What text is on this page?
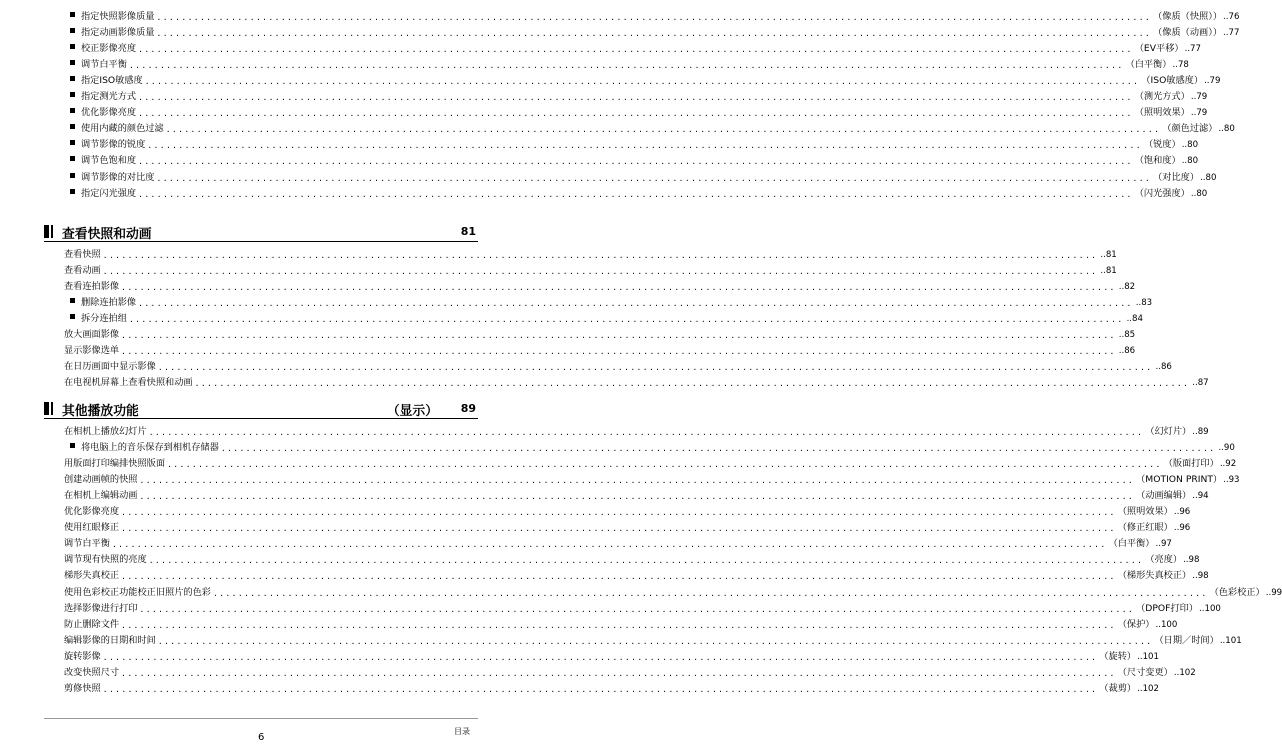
指定快照影像质量 ................................................................................................................................................................ （像质（快照）） ..76
指定动画影像质量 ................................................................................................................................................................ （像质（动画）） ..77
校正影像亮度 ................................................................................................................................................................ （EV平移） ..77
调节白平衡 ................................................................................................................................................................ （白平衡） ..78
指定ISO敏感度 ................................................................................................................................................................ （ISO敏感度） ..79
指定测光方式 ................................................................................................................................................................ （测光方式） ..79
优化影像亮度 ................................................................................................................................................................ （照明效果） ..79
使用内藏的颜色过滤 ................................................................................................................................................................ （颜色过滤） ..80
调节影像的锐度 ................................................................................................................................................................ （锐度） ..80
调节色饱和度 ................................................................................................................................................................ （饱和度） ..80
调节影像的对比度 ................................................................................................................................................................ （对比度） ..80
指定闪光强度 ................................................................................................................................................................ （闪光强度） ..80
查看快照和动画	81
查看快照 ................................................................................................................................................................ ..81
查看动画 ................................................................................................................................................................ ..81
查看连拍影像 ................................................................................................................................................................ ..82
删除连拍影像 ................................................................................................................................................................ ..83
拆分连拍组 ................................................................................................................................................................ ..84
放大画面影像 ................................................................................................................................................................ ..85
显示影像选单 ................................................................................................................................................................ ..86
在日历画面中显示影像 ................................................................................................................................................................ ..86
在电视机屏幕上查看快照和动画 ................................................................................................................................................................ ..87
其他播放功能	（显示） 89
在相机上播放幻灯片 ................................................................................................................................................................ （幻灯片） ..89
将电脑上的音乐保存到相机存储器 ................................................................................................................................................................ ..90
用版面打印编排快照版面 ................................................................................................................................................................ （版面打印） ..92
创建动画帧的快照 ................................................................................................................................................................ （MOTION PRINT） ..93
在相机上编辑动画 ................................................................................................................................................................ （动画编辑） ..94
优化影像亮度 ................................................................................................................................................................ （照明效果） ..96
使用红眼修正 ................................................................................................................................................................ （修正红眼） ..96
调节白平衡 ................................................................................................................................................................ （白平衡） ..97
调节现有快照的亮度 ................................................................................................................................................................ （亮度） ..98
梯形失真校正 ................................................................................................................................................................ （梯形失真校正） ..98
使用色彩校正功能校正旧照片的色彩 ................................................................................................................................................................ （色彩校正） ..99
选择影像进行打印 ................................................................................................................................................................ （DPOF打印） ..100
防止删除文件 ................................................................................................................................................................ （保护） ..100
编辑影像的日期和时间 ................................................................................................................................................................ （日期／时间） ..101
旋转影像 ................................................................................................................................................................ （旋转） ..101
改变快照尺寸 ................................................................................................................................................................ （尺寸变更） ..102
剪修快照 ................................................................................................................................................................ （裁剪） ..102
6
目录
